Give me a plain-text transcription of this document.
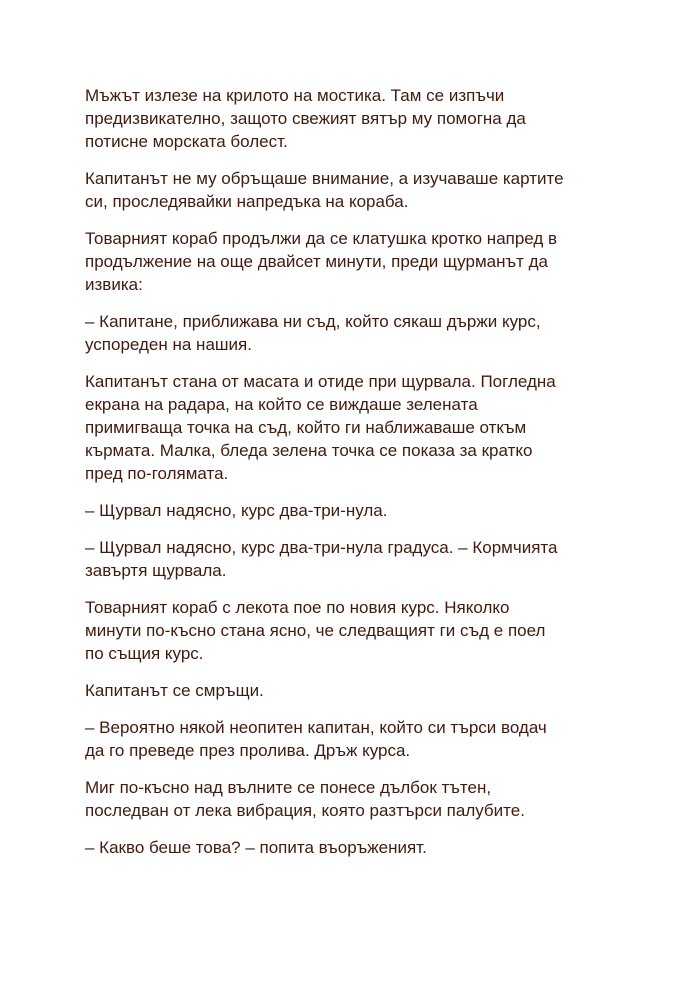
Мъжът излезе на крилото на мостика. Там се изпъчи
предизвикателно, защото свежият вятър му помогна да
потисне морската болест.

Капитанът не му обръщаше внимание, а изучаваше картите
си, проследявайки напредъка на кораба.

Товарният кораб продължи да се клатушка кротко напред в
продължение на още двайсет минути, преди щурманът да
извика:

– Капитане, приближава ни съд, който сякаш държи курс,
успореден на нашия.

Капитанът стана от масата и отиде при щурвала. Погледна
екрана на радара, на който се виждаше зелената
примигваща точка на съд, който ги наближаваше откъм
кърмата. Малка, бледа зелена точка се показа за кратко
пред по-голямата.

– Щурвал надясно, курс два-три-нула.

– Щурвал надясно, курс два-три-нула градуса. – Кормчията
завъртя щурвала.

Товарният кораб с лекота пое по новия курс. Няколко
минути по-късно стана ясно, че следващият ги съд е поел
по същия курс.

Капитанът се смръщи.

– Вероятно някой неопитен капитан, който си търси водач
да го преведе през пролива. Дръж курса.

Миг по-късно над вълните се понесе дълбок тътен,
последван от лека вибрация, която разтърси палубите.

– Какво беше това? – попита въоръженият.
